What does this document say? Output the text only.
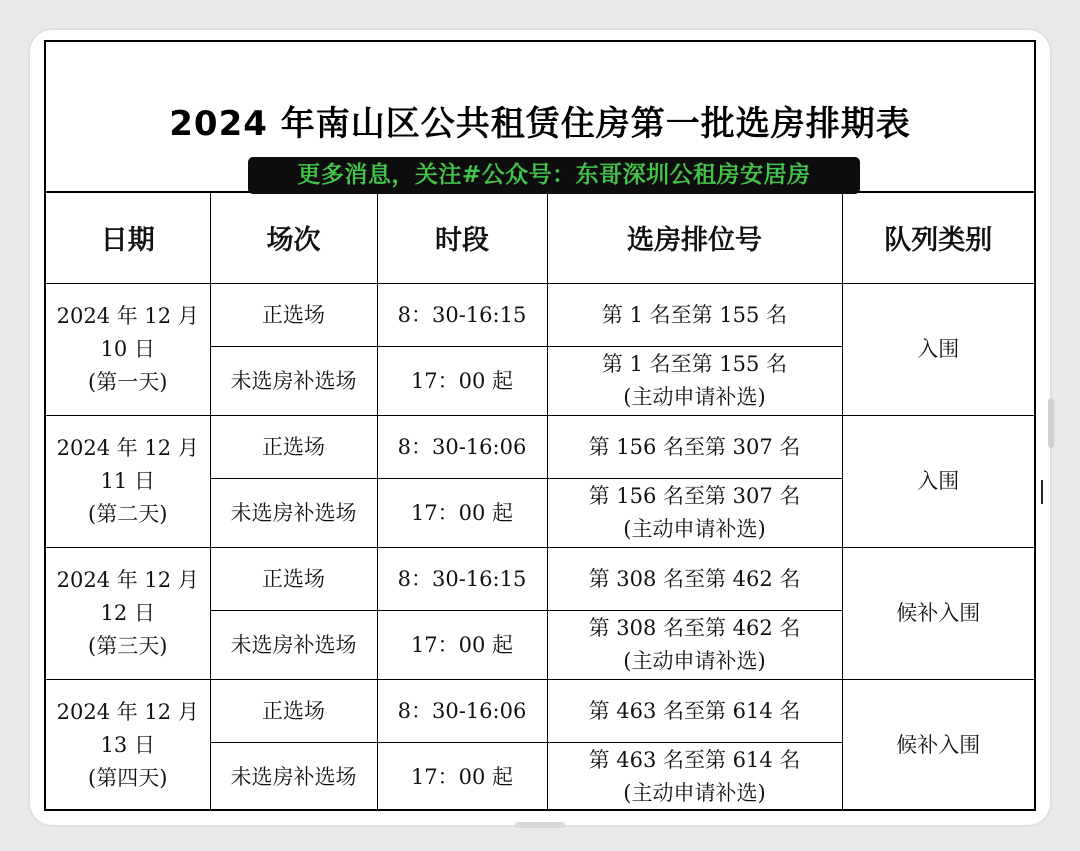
2024 年南山区公共租赁住房第一批选房排期表
日期	场次	时段	选房排位号	队列类别

2024 年 12 月
10 日
(第一天)	正选场	8：30-16:15	第 1 名至第 155 名	入围
	未选房补选场	17：00 起	第 1 名至第 155 名
(主动申请补选)	

2024 年 12 月
11 日
(第二天)	正选场	8：30-16:06	第 156 名至第 307 名	入围
	未选房补选场	17：00 起	第 156 名至第 307 名
(主动申请补选)	

2024 年 12 月
12 日
(第三天)	正选场	8：30-16:15	第 308 名至第 462 名	候补入围
	未选房补选场	17：00 起	第 308 名至第 462 名
(主动申请补选)	

2024 年 12 月
13 日
(第四天)	正选场	8：30-16:06	第 463 名至第 614 名	候补入围
	未选房补选场	17：00 起	第 463 名至第 614 名
(主动申请补选)	
更多消息，关注#公众号：东哥深圳公租房安居房
